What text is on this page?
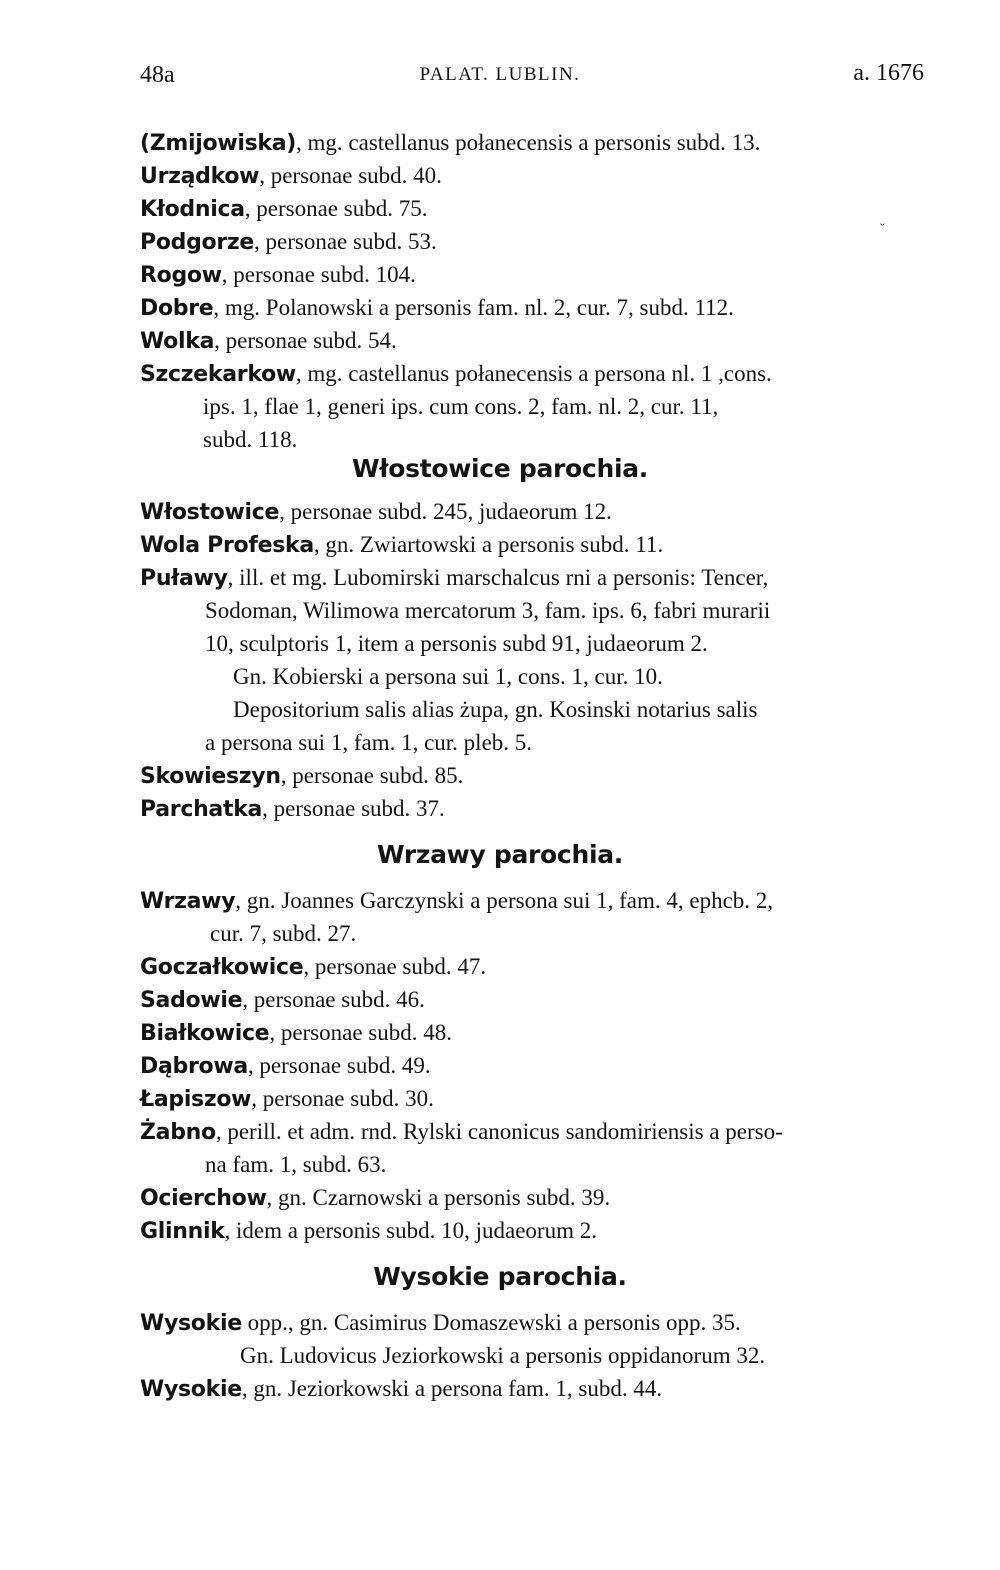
48a	PALAT. LUBLIN.	a. 1676
(Zmijowiska), mg. castellanus połanecensis a personis subd. 13.
Urządkow, personae subd. 40.
Kłodnica, personae subd. 75.
Podgorze, personae subd. 53.
Rogow, personae subd. 104.
Dobre, mg. Polanowski a personis fam. nl. 2, cur. 7, subd. 112.
Wolka, personae subd. 54.
Szczekarkow, mg. castellanus połanecensis a persona nl. 1 ,cons.
ips. 1, flae 1, generi ips. cum cons. 2, fam. nl. 2, cur. 11,
subd. 118.
Włostowice parochia.
Włostowice, personae subd. 245, judaeorum 12.
Wola Profeska, gn. Zwiartowski a personis subd. 11.
Puławy, ill. et mg. Lubomirski marschalcus rni a personis: Tencer,
Sodoman, Wilimowa mercatorum 3, fam. ips. 6, fabri murarii
10, sculptoris 1, item a personis subd 91, judaeorum 2.
Gn. Kobierski a persona sui 1, cons. 1, cur. 10.
Depositorium salis alias żupa, gn. Kosinski notarius salis
a persona sui 1, fam. 1, cur. pleb. 5.
Skowieszyn, personae subd. 85.
Parchatka, personae subd. 37.
Wrzawy parochia.
Wrzawy, gn. Joannes Garczynski a persona sui 1, fam. 4, ephcb. 2,
cur. 7, subd. 27.
Goczałkowice, personae subd. 47.
Sadowie, personae subd. 46.
Białkowice, personae subd. 48.
Dąbrowa, personae subd. 49.
Łapiszow, personae subd. 30.
Żabno, perill. et adm. rnd. Rylski canonicus sandomiriensis a perso-
na fam. 1, subd. 63.
Ocierchow, gn. Czarnowski a personis subd. 39.
Glinnik, idem a personis subd. 10, judaeorum 2.
Wysokie parochia.
Wysokie opp., gn. Casimirus Domaszewski a personis opp. 35.
Gn. Ludovicus Jeziorkowski a personis oppidanorum 32.
Wysokie, gn. Jeziorkowski a persona fam. 1, subd. 44.
ˇ
